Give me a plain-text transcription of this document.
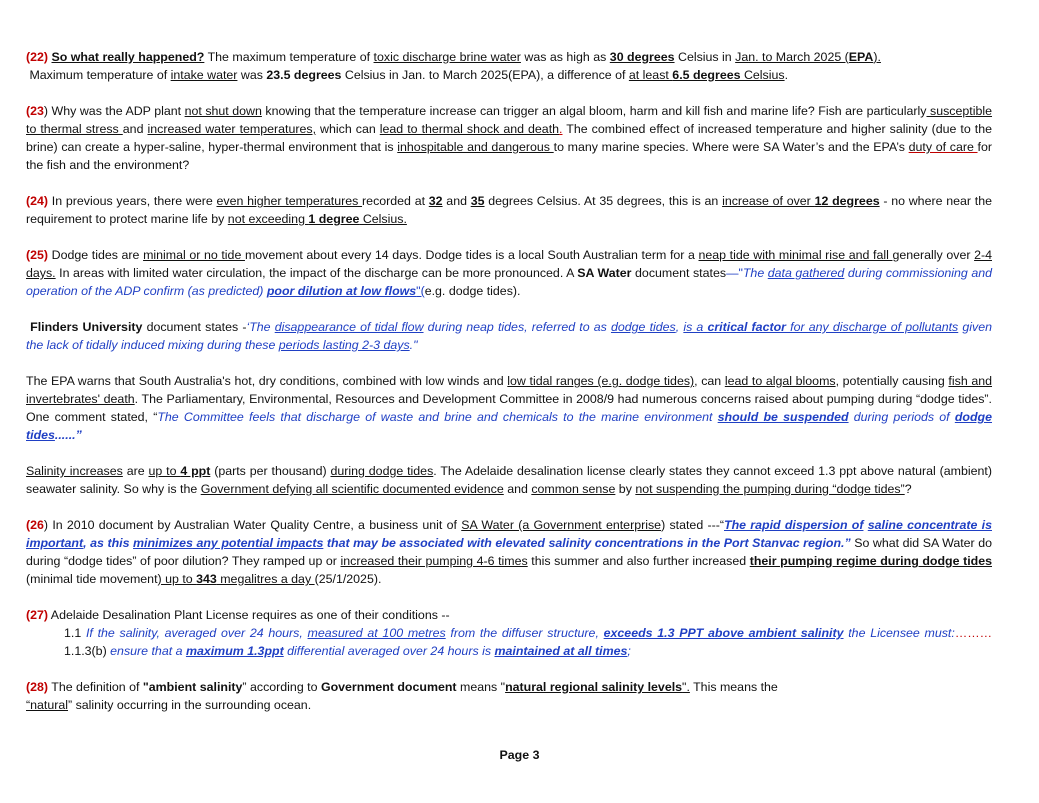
(22) So what really happened? The maximum temperature of toxic discharge brine water was as high as 30 degrees Celsius in Jan. to March 2025 (EPA).
Maximum temperature of intake water was 23.5 degrees Celsius in Jan. to March 2025(EPA), a difference of at least 6.5 degrees Celsius.

(23) Why was the ADP plant not shut down knowing that the temperature increase can trigger an algal bloom, harm and kill fish and marine life? Fish are particularly susceptible to thermal stress and increased water temperatures, which can lead to thermal shock and death. The combined effect of increased temperature and higher salinity (due to the brine) can create a hyper-saline, hyper-thermal environment that is inhospitable and dangerous to many marine species. Where were SA Water’s and the EPA’s duty of care for the fish and the environment?

(24) In previous years, there were even higher temperatures recorded at 32 and 35 degrees Celsius. At 35 degrees, this is an increase of over 12 degrees - no where near the requirement to protect marine life by not exceeding 1 degree Celsius.

(25) Dodge tides are minimal or no tide movement about every 14 days. Dodge tides is a local South Australian term for a neap tide with minimal rise and fall generally over 2-4 days. In areas with limited water circulation, the impact of the discharge can be more pronounced. A SA Water document states—"The data gathered during commissioning and operation of the ADP confirm (as predicted) poor dilution at low flows"(e.g. dodge tides).

Flinders University document states -‘The disappearance of tidal flow during neap tides, referred to as dodge tides, is a critical factor for any discharge of pollutants given the lack of tidally induced mixing during these periods lasting 2-3 days."

The EPA warns that South Australia's hot, dry conditions, combined with low winds and low tidal ranges (e.g. dodge tides), can lead to algal blooms, potentially causing fish and invertebrates' death. The Parliamentary, Environmental, Resources and Development Committee in 2008/9 had numerous concerns raised about pumping during “dodge tides”. One comment stated, “The Committee feels that discharge of waste and brine and chemicals to the marine environment should be suspended during periods of dodge tides......”

Salinity increases are up to 4 ppt (parts per thousand) during dodge tides. The Adelaide desalination license clearly states they cannot exceed 1.3 ppt above natural (ambient) seawater salinity. So why is the Government defying all scientific documented evidence and common sense by not suspending the pumping during “dodge tides”?

(26) In 2010 document by Australian Water Quality Centre, a business unit of SA Water (a Government enterprise) stated ---“The rapid dispersion of saline concentrate is important, as this minimizes any potential impacts that may be associated with elevated salinity concentrations in the Port Stanvac region.” So what did SA Water do during “dodge tides” of poor dilution? They ramped up or increased their pumping 4-6 times this summer and also further increased their pumping regime during dodge tides (minimal tide movement) up to 343 megalitres a day (25/1/2025).

(27) Adelaide Desalination Plant License requires as one of their conditions --

1.1 If the salinity, averaged over 24 hours, measured at 100 metres from the diffuser structure, exceeds 1.3 PPT above ambient salinity the Licensee must:………1.1.3(b) ensure that a maximum 1.3ppt differential averaged over 24 hours is maintained at all times;

(28) The definition of "ambient salinity” according to Government document means "natural regional salinity levels". This means the
“natural” salinity occurring in the surrounding ocean.

Page 3
